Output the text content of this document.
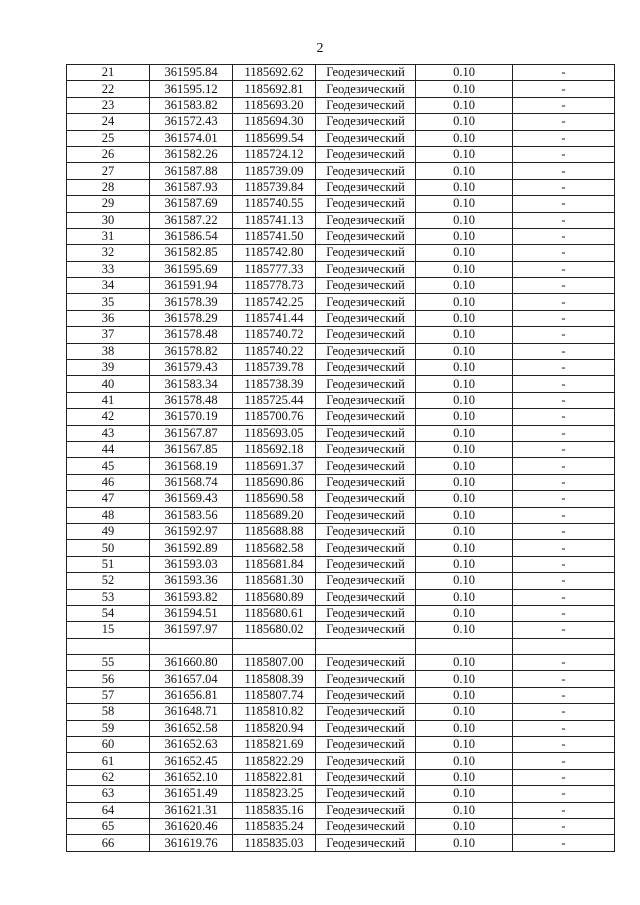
2
21	361595.84	1185692.62	Геодезический	0.10	-
22	361595.12	1185692.81	Геодезический	0.10	-
23	361583.82	1185693.20	Геодезический	0.10	-
24	361572.43	1185694.30	Геодезический	0.10	-
25	361574.01	1185699.54	Геодезический	0.10	-
26	361582.26	1185724.12	Геодезический	0.10	-
27	361587.88	1185739.09	Геодезический	0.10	-
28	361587.93	1185739.84	Геодезический	0.10	-
29	361587.69	1185740.55	Геодезический	0.10	-
30	361587.22	1185741.13	Геодезический	0.10	-
31	361586.54	1185741.50	Геодезический	0.10	-
32	361582.85	1185742.80	Геодезический	0.10	-
33	361595.69	1185777.33	Геодезический	0.10	-
34	361591.94	1185778.73	Геодезический	0.10	-
35	361578.39	1185742.25	Геодезический	0.10	-
36	361578.29	1185741.44	Геодезический	0.10	-
37	361578.48	1185740.72	Геодезический	0.10	-
38	361578.82	1185740.22	Геодезический	0.10	-
39	361579.43	1185739.78	Геодезический	0.10	-
40	361583.34	1185738.39	Геодезический	0.10	-
41	361578.48	1185725.44	Геодезический	0.10	-
42	361570.19	1185700.76	Геодезический	0.10	-
43	361567.87	1185693.05	Геодезический	0.10	-
44	361567.85	1185692.18	Геодезический	0.10	-
45	361568.19	1185691.37	Геодезический	0.10	-
46	361568.74	1185690.86	Геодезический	0.10	-
47	361569.43	1185690.58	Геодезический	0.10	-
48	361583.56	1185689.20	Геодезический	0.10	-
49	361592.97	1185688.88	Геодезический	0.10	-
50	361592.89	1185682.58	Геодезический	0.10	-
51	361593.03	1185681.84	Геодезический	0.10	-
52	361593.36	1185681.30	Геодезический	0.10	-
53	361593.82	1185680.89	Геодезический	0.10	-
54	361594.51	1185680.61	Геодезический	0.10	-
15	361597.97	1185680.02	Геодезический	0.10	-

55	361660.80	1185807.00	Геодезический	0.10	-
56	361657.04	1185808.39	Геодезический	0.10	-
57	361656.81	1185807.74	Геодезический	0.10	-
58	361648.71	1185810.82	Геодезический	0.10	-
59	361652.58	1185820.94	Геодезический	0.10	-
60	361652.63	1185821.69	Геодезический	0.10	-
61	361652.45	1185822.29	Геодезический	0.10	-
62	361652.10	1185822.81	Геодезический	0.10	-
63	361651.49	1185823.25	Геодезический	0.10	-
64	361621.31	1185835.16	Геодезический	0.10	-
65	361620.46	1185835.24	Геодезический	0.10	-
66	361619.76	1185835.03	Геодезический	0.10	-
